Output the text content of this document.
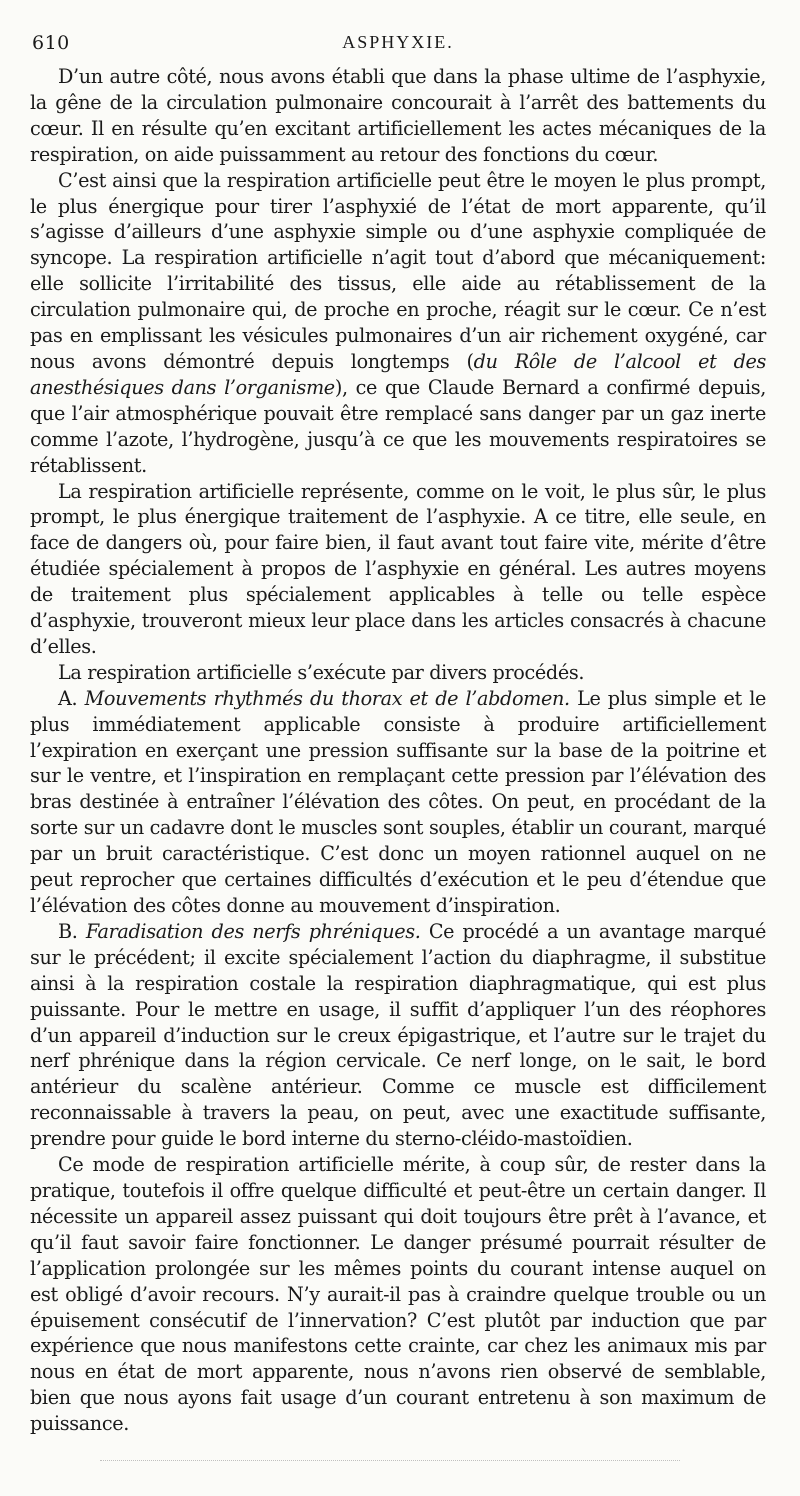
610	ASPHYXIE.

D’un autre côté, nous avons établi que dans la phase ultime de l’asphyxie, la gêne de la circulation pulmonaire concourait à l’arrêt des battements du cœur. Il en résulte qu’en excitant artificiellement les actes mécaniques de la respiration, on aide puissamment au retour des fonctions du cœur.

C’est ainsi que la respiration artificielle peut être le moyen le plus prompt, le plus énergique pour tirer l’asphyxié de l’état de mort apparente, qu’il s’agisse d’ailleurs d’une asphyxie simple ou d’une asphyxie compliquée de syncope. La respiration artificielle n’agit tout d’abord que mécaniquement: elle sollicite l’irritabilité des tissus, elle aide au rétablissement de la circulation pulmonaire qui, de proche en proche, réagit sur le cœur. Ce n’est pas en emplissant les vésicules pulmonaires d’un air richement oxygéné, car nous avons démontré depuis longtemps (du Rôle de l’alcool et des anesthésiques dans l’organisme), ce que Claude Bernard a confirmé depuis, que l’air atmosphérique pouvait être remplacé sans danger par un gaz inerte comme l’azote, l’hydrogène, jusqu’à ce que les mouvements respiratoires se rétablissent.

La respiration artificielle représente, comme on le voit, le plus sûr, le plus prompt, le plus énergique traitement de l’asphyxie. A ce titre, elle seule, en face de dangers où, pour faire bien, il faut avant tout faire vite, mérite d’être étudiée spécialement à propos de l’asphyxie en général. Les autres moyens de traitement plus spécialement applicables à telle ou telle espèce d’asphyxie, trouveront mieux leur place dans les articles consacrés à chacune d’elles.

La respiration artificielle s’exécute par divers procédés.

A. Mouvements rhythmés du thorax et de l’abdomen. Le plus simple et le plus immédiatement applicable consiste à produire artificiellement l’expiration en exerçant une pression suffisante sur la base de la poitrine et sur le ventre, et l’inspiration en remplaçant cette pression par l’élévation des bras destinée à entraîner l’élévation des côtes. On peut, en procédant de la sorte sur un cadavre dont le muscles sont souples, établir un courant, marqué par un bruit caractéristique. C’est donc un moyen rationnel auquel on ne peut reprocher que certaines difficultés d’exécution et le peu d’étendue que l’élévation des côtes donne au mouvement d’inspiration.

B. Faradisation des nerfs phréniques. Ce procédé a un avantage marqué sur le précédent; il excite spécialement l’action du diaphragme, il substitue ainsi à la respiration costale la respiration diaphragmatique, qui est plus puissante. Pour le mettre en usage, il suffit d’appliquer l’un des réophores d’un appareil d’induction sur le creux épigastrique, et l’autre sur le trajet du nerf phrénique dans la région cervicale. Ce nerf longe, on le sait, le bord antérieur du scalène antérieur. Comme ce muscle est difficilement reconnaissable à travers la peau, on peut, avec une exactitude suffisante, prendre pour guide le bord interne du sterno-cléido-mastoïdien.

Ce mode de respiration artificielle mérite, à coup sûr, de rester dans la pratique, toutefois il offre quelque difficulté et peut-être un certain danger. Il nécessite un appareil assez puissant qui doit toujours être prêt à l’avance, et qu’il faut savoir faire fonctionner. Le danger présumé pourrait résulter de l’application prolongée sur les mêmes points du courant intense auquel on est obligé d’avoir recours. N’y aurait-il pas à craindre quelque trouble ou un épuisement consécutif de l’innervation? C’est plutôt par induction que par expérience que nous manifestons cette crainte, car chez les animaux mis par nous en état de mort apparente, nous n’avons rien observé de semblable, bien que nous ayons fait usage d’un courant entretenu à son maximum de puissance.
